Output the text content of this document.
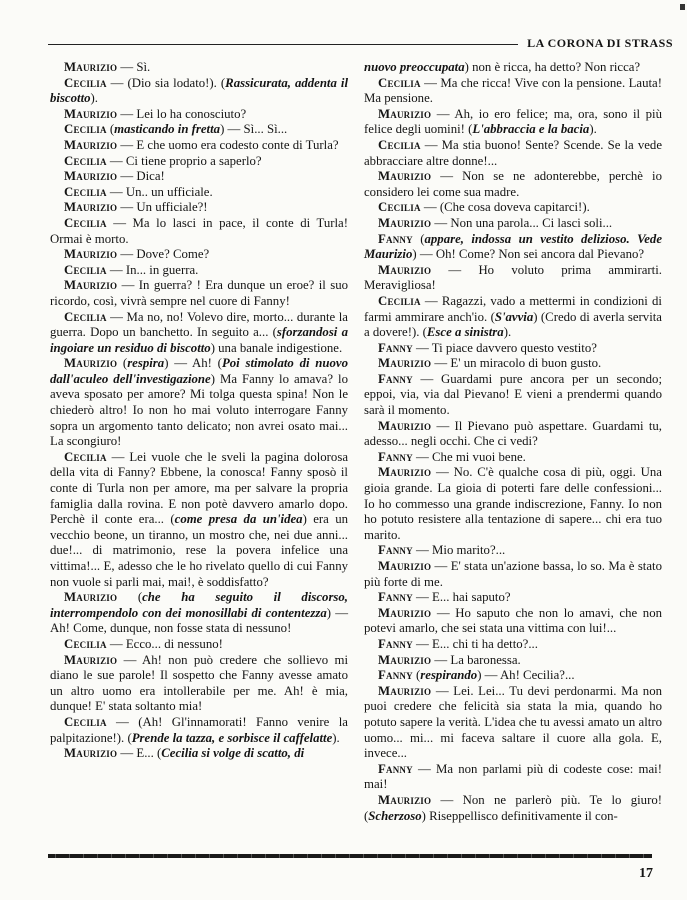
LA CORONA DI STRASS

Maurizio — Sì.

Cecilia — (Dio sia lodato!). (Rassicurata, addenta il biscotto).

Maurizio — Lei lo ha conosciuto?

Cecilia (masticando in fretta) — Sì... Sì...

Maurizio — E che uomo era codesto conte di Turla?

Cecilia — Ci tiene proprio a saperlo?

Maurizio — Dica!

Cecilia — Un.. un ufficiale.

Maurizio — Un ufficiale?!

Cecilia — Ma lo lasci in pace, il conte di Turla! Ormai è morto.

Maurizio — Dove? Come?

Cecilia — In... in guerra.

Maurizio — In guerra? ! Era dunque un eroe? il suo ricordo, così, vivrà sempre nel cuore di Fanny!

Cecilia — Ma no, no! Volevo dire, morto... durante la guerra. Dopo un banchetto. In seguito a... (sforzandosi a ingoiare un residuo di biscotto) una banale indigestione.

Maurizio (respira) — Ah! (Poi stimolato di nuovo dall'aculeo dell'investigazione) Ma Fanny lo amava? lo aveva sposato per amore? Mi tolga questa spina! Non le chiederò altro! Io non ho mai voluto interrogare Fanny sopra un argomento tanto delicato; non avrei osato mai... La scongiuro!

Cecilia — Lei vuole che le sveli la pagina dolorosa della vita di Fanny? Ebbene, la conosca! Fanny sposò il conte di Turla non per amore, ma per salvare la propria famiglia dalla rovina. E non potè davvero amarlo dopo. Perchè il conte era... (come presa da un'idea) era un vecchio beone, un tiranno, un mostro che, nei due anni... due!... di matrimonio, rese la povera infelice una vittima!... E, adesso che le ho rivelato quello di cui Fanny non vuole si parli mai, mai!, è soddisfatto?

Maurizio (che ha seguito il discorso, interrompendolo con dei monosillabi di contentezza) — Ah! Come, dunque, non fosse stata di nessuno!

Cecilia — Ecco... di nessuno!

Maurizio — Ah! non può credere che sollievo mi diano le sue parole! Il sospetto che Fanny avesse amato un altro uomo era intollerabile per me. Ah! è mia, dunque! E' stata soltanto mia!

Cecilia — (Ah! Gl'innamorati! Fanno venire la palpitazione!). (Prende la tazza, e sorbisce il caffelatte).

Maurizio — E... (Cecilia si volge di scatto, di

nuovo preoccupata) non è ricca, ha detto? Non ricca?

Cecilia — Ma che ricca! Vive con la pensione. Lauta! Ma pensione.

Maurizio — Ah, io ero felice; ma, ora, sono il più felice degli uomini! (L'abbraccia e la bacia).

Cecilia — Ma stia buono! Sente? Scende. Se la vede abbracciare altre donne!...

Maurizio — Non se ne adonterebbe, perchè io considero lei come sua madre.

Cecilia — (Che cosa doveva capitarci!).

Maurizio — Non una parola... Ci lasci soli...

Fanny (appare, indossa un vestito delizioso. Vede Maurizio) — Oh! Come? Non sei ancora dal Pievano?

Maurizio — Ho voluto prima ammirarti. Meravigliosa!

Cecilia — Ragazzi, vado a mettermi in condizioni di farmi ammirare anch'io. (S'avvia) (Credo di averla servita a dovere!). (Esce a sinistra).

Fanny — Ti piace davvero questo vestito?

Maurizio — E' un miracolo di buon gusto.

Fanny — Guardami pure ancora per un secondo; eppoi, via, via dal Pievano! E vieni a prendermi quando sarà il momento.

Maurizio — Il Pievano può aspettare. Guardami tu, adesso... negli occhi. Che ci vedi?

Fanny — Che mi vuoi bene.

Maurizio — No. C'è qualche cosa di più, oggi. Una gioia grande. La gioia di poterti fare delle confessioni... Io ho commesso una grande indiscrezione, Fanny. Io non ho potuto resistere alla tentazione di sapere... chi era tuo marito.

Fanny — Mio marito?...

Maurizio — E' stata un'azione bassa, lo so. Ma è stato più forte di me.

Fanny — E... hai saputo?

Maurizio — Ho saputo che non lo amavi, che non potevi amarlo, che sei stata una vittima con lui!...

Fanny — E... chi ti ha detto?...

Maurizio — La baronessa.

Fanny (respirando) — Ah! Cecilia?...

Maurizio — Lei. Lei... Tu devi perdonarmi. Ma non puoi credere che felicità sia stata la mia, quando ho potuto sapere la verità. L'idea che tu avessi amato un altro uomo... mi... mi faceva saltare il cuore alla gola. E, invece...

Fanny — Ma non parlami più di codeste cose: mai! mai!

Maurizio — Non ne parlerò più. Te lo giuro! (Scherzoso) Riseppellisco definitivamente il con-

17
